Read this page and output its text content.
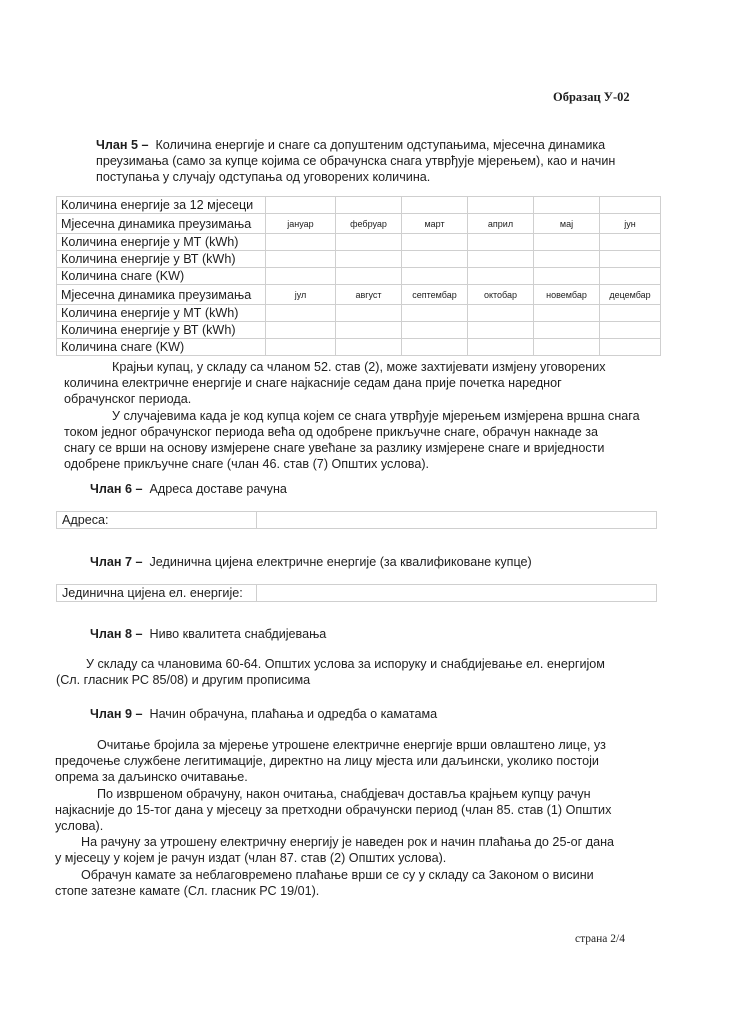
Образац У-02
Члан 5 – Количина енергије и снаге са допуштеним одступањима, мјесечна динамика
преузимања (само за купце којима се обрачунска снага утврђује мјерењем), као и начин
поступања у случају одступања од уговорених количина.
Количина енергије за 12 мјесеци						
Мјесечна динамика преузимања	јануар	фебруар	март	април	мај	јун
Количина енергије у МТ (kWh)						
Количина енергије у ВТ (kWh)						
Количина снаге (KW)						
Мјесечна динамика преузимања	јул	август	септембар	октобар	новембар	децембар
Количина енергије у МТ (kWh)						
Количина енергије у ВТ (kWh)						
Количина снаге (KW)						
Крајњи купац, у складу са чланом 52. став (2), може захтијевати измјену уговорених
количина електричне енергије и снаге најкасније седам дана прије почетка наредног
обрачунског периода.
У случајевима када је код купца којем се снага утврђује мјерењем измјерена вршна снага
током једног обрачунског периода већа од одобрене прикључне снаге, обрачун накнаде за
снагу се врши на основу измјерене снаге увећане за разлику измјерене снаге и вриједности
одобрене прикључне снаге (члан 46. став (7) Општих услова).
Члан 6 – Адреса доставе рачуна
Адреса:	
Члан 7 – Јединична цијена електричне енергије (за квалификоване купце)
Јединична цијена ел. енергије:	
Члан 8 – Ниво квалитета снабдијевања
У складу са члановима 60-64. Општих услова за испоруку и снабдијевање ел. енергијом
(Сл. гласник РС 85/08) и другим прописима
Члан 9 – Начин обрачуна, плаћања и одредба о каматама
Очитање бројила за мјерење утрошене електричне енергије врши овлаштено лице, уз
предочење службене легитимације, директно на лицу мјеста или даљински, уколико постоји
опрема за даљинско очитавање.
По извршеном обрачуну, након очитања, снабдјевач доставља крајњем купцу рачун
најкасније до 15-тог дана у мјесецу за претходни обрачунски период (члан 85. став (1) Општих
услова).
На рачуну за утрошену електричну енергију је наведен рок и начин плаћања до 25-ог дана
у мјесецу у којем је рачун издат (члан 87. став (2) Општих услова).
Обрачун камате за неблаговремено плаћање врши се су у складу са Законом о висини
стопе затезне камате (Сл. гласник РС 19/01).
страна 2/4
